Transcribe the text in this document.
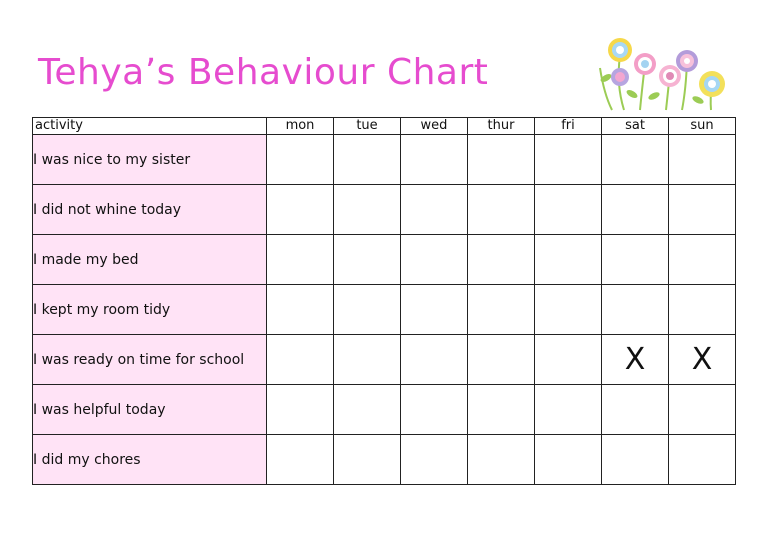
Tehya’s Behaviour Chart
activity	mon	tue	wed	thur	fri	sat	sun
I was nice to my sister							
I did not whine today							
I made my bed							
I kept my room tidy							
I was ready on time for school						X	X
I was helpful today							
I did my chores							
